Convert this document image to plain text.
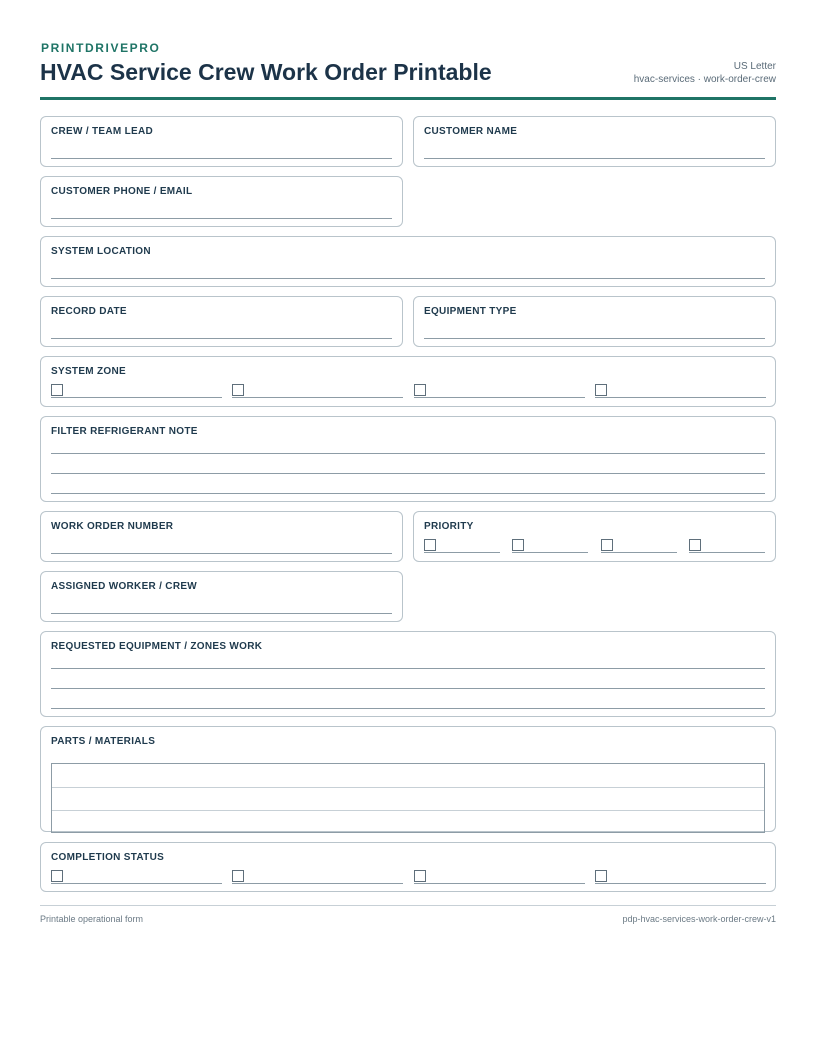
PRINTDRIVEPRO
HVAC Service Crew Work Order Printable	US Letter
hvac-services · work-order-crew
CREW / TEAM LEAD	CUSTOMER NAME
CUSTOMER PHONE / EMAIL
SYSTEM LOCATION
RECORD DATE	EQUIPMENT TYPE
SYSTEM ZONE
FILTER REFRIGERANT NOTE
WORK ORDER NUMBER	PRIORITY
ASSIGNED WORKER / CREW
REQUESTED EQUIPMENT / ZONES WORK
PARTS / MATERIALS
COMPLETION STATUS
Printable operational form	pdp-hvac-services-work-order-crew-v1
